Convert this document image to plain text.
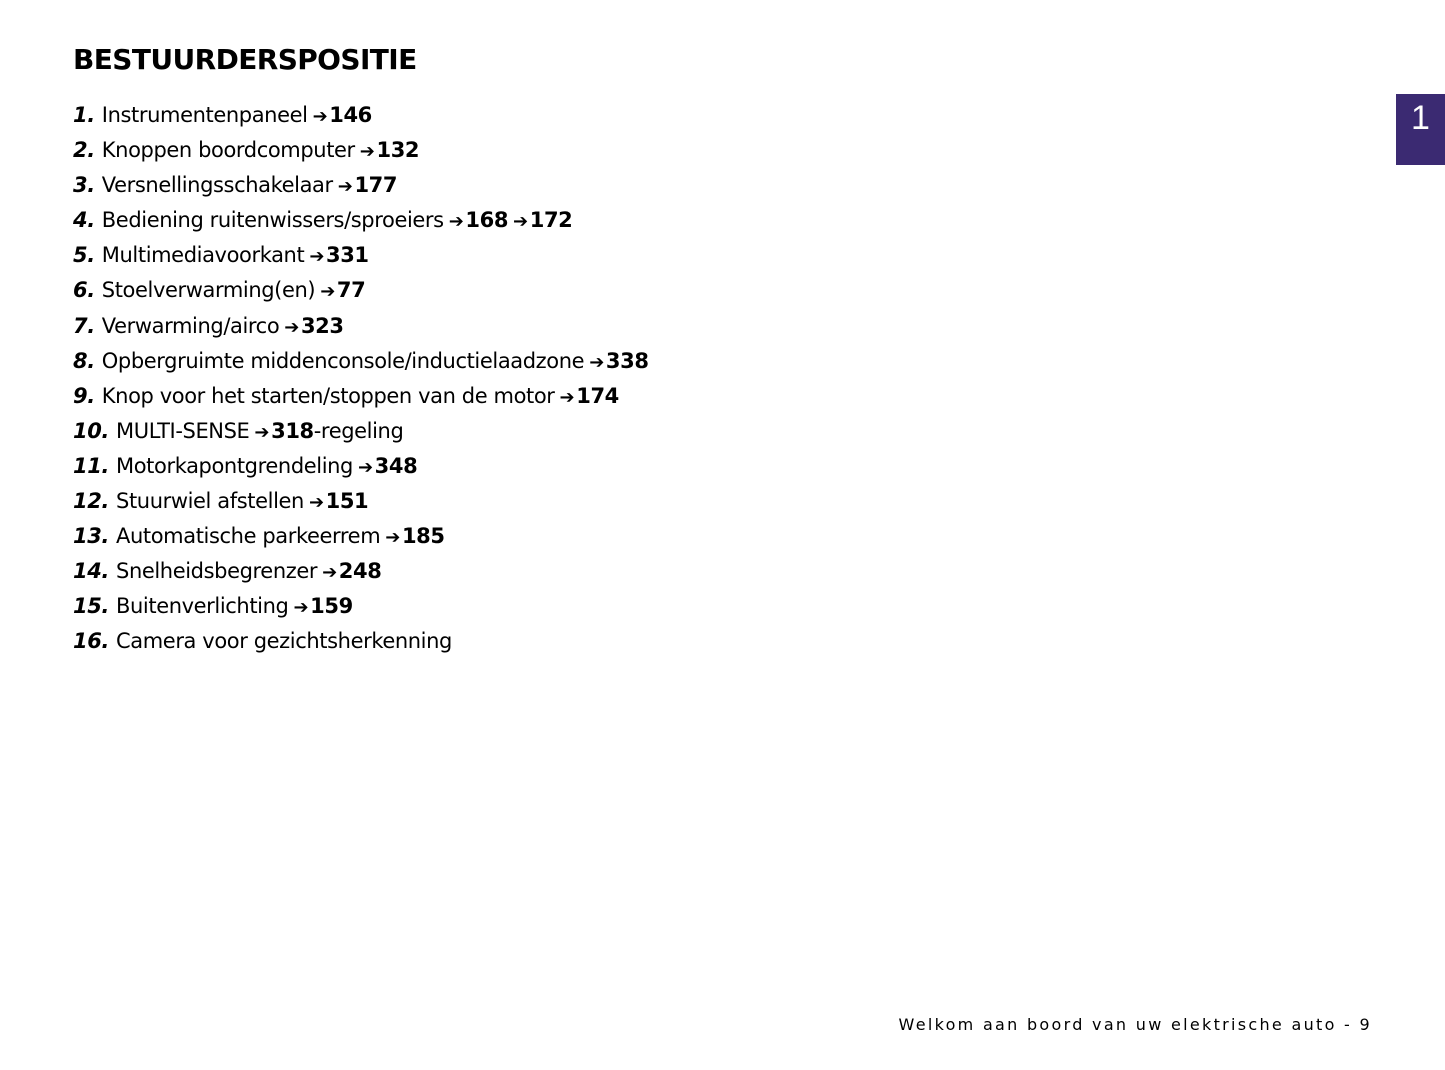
BESTUURDERSPOSITIE
1
1. Instrumentenpaneel ➔146
2. Knoppen boordcomputer ➔132
3. Versnellingsschakelaar ➔177
4. Bediening ruitenwissers/sproeiers ➔168 ➔172
5. Multimediavoorkant ➔331
6. Stoelverwarming(en) ➔77
7. Verwarming/airco ➔323
8. Opbergruimte middenconsole/inductielaadzone ➔338
9. Knop voor het starten/stoppen van de motor ➔174
10. MULTI-SENSE ➔318-regeling
11. Motorkapontgrendeling ➔348
12. Stuurwiel afstellen ➔151
13. Automatische parkeerrem ➔185
14. Snelheidsbegrenzer ➔248
15. Buitenverlichting ➔159
16. Camera voor gezichtsherkenning
Welkom aan boord van uw elektrische auto - 9
